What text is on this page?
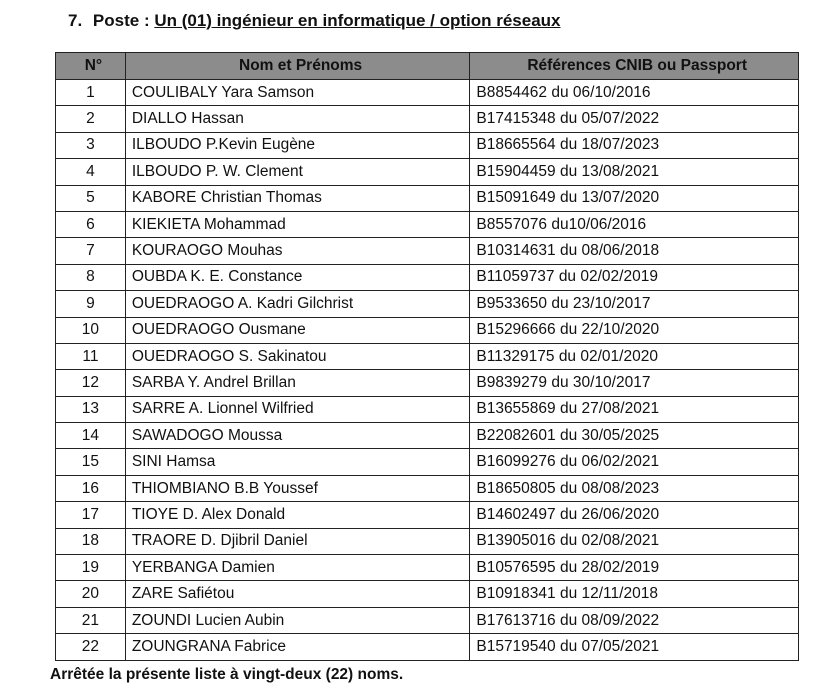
7. Poste : Un (01) ingénieur en informatique / option réseaux
N°	Nom et Prénoms	Références CNIB ou Passport
1	COULIBALY Yara Samson	B8854462 du 06/10/2016
2	DIALLO Hassan	B17415348 du 05/07/2022
3	ILBOUDO P.Kevin Eugène	B18665564 du 18/07/2023
4	ILBOUDO P. W. Clement	B15904459 du 13/08/2021
5	KABORE Christian Thomas	B15091649 du 13/07/2020
6	KIEKIETA Mohammad	B8557076 du10/06/2016
7	KOURAOGO Mouhas	B10314631 du 08/06/2018
8	OUBDA K. E. Constance	B11059737 du 02/02/2019
9	OUEDRAOGO A. Kadri Gilchrist	B9533650 du 23/10/2017
10	OUEDRAOGO Ousmane	B15296666 du 22/10/2020
11	OUEDRAOGO S. Sakinatou	B11329175 du 02/01/2020
12	SARBA Y. Andrel Brillan	B9839279 du 30/10/2017
13	SARRE A. Lionnel Wilfried	B13655869 du 27/08/2021
14	SAWADOGO Moussa	B22082601 du 30/05/2025
15	SINI Hamsa	B16099276 du 06/02/2021
16	THIOMBIANO B.B Youssef	B18650805 du 08/08/2023
17	TIOYE D. Alex Donald	B14602497 du 26/06/2020
18	TRAORE D. Djibril Daniel	B13905016 du 02/08/2021
19	YERBANGA Damien	B10576595 du 28/02/2019
20	ZARE Safiétou	B10918341 du 12/11/2018
21	ZOUNDI Lucien Aubin	B17613716 du 08/09/2022
22	ZOUNGRANA Fabrice	B15719540 du 07/05/2021
Arrêtée la présente liste à vingt-deux (22) noms.
